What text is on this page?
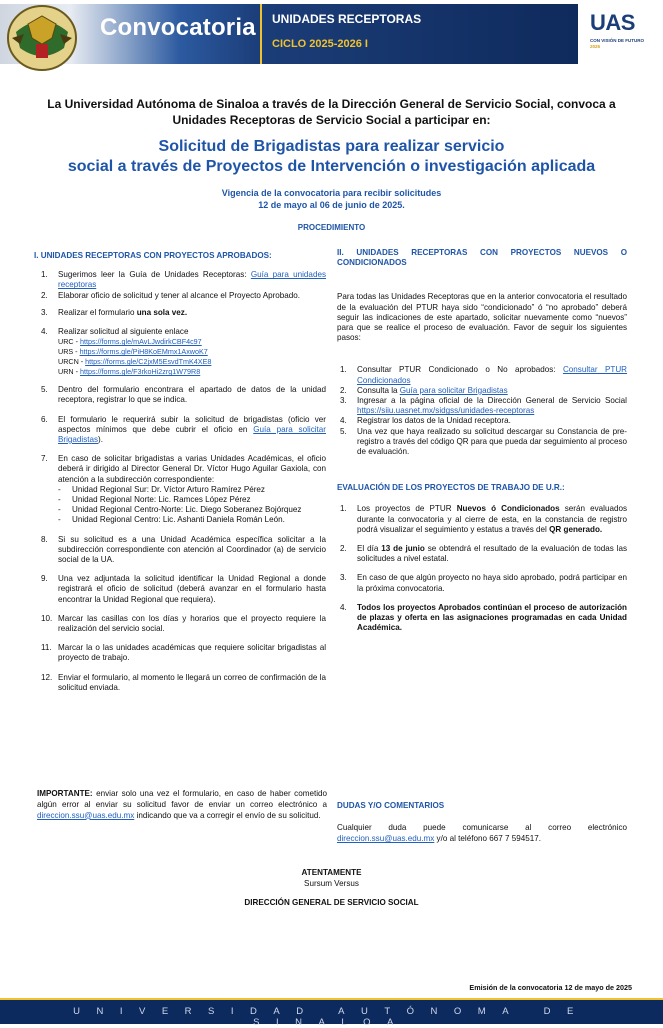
Convocatoria UNIDADES RECEPTORAS
CICLO 2025-2026 I
UAS
CON VISIÓN DE FUTURO
2025
La Universidad Autónoma de Sinaloa a través de la Dirección General de Servicio Social, convoca a Unidades Receptoras de Servicio Social a participar en:
Solicitud de Brigadistas para realizar servicio
social a través de Proyectos de Intervención o investigación aplicada
Vigencia de la convocatoria para recibir solicitudes
12 de mayo al 06 de junio de 2025.
PROCEDIMIENTO
I. UNIDADES RECEPTORAS CON PROYECTOS APROBADOS:
1. Sugerimos leer la Guía de Unidades Receptoras: Guía para unidades receptoras
2. Elaborar oficio de solicitud y tener al alcance el Proyecto Aprobado.
3. Realizar el formulario una sola vez.
4. Realizar solicitud al siguiente enlace
URC - https://forms.gle/mAvLJwdirkCBF4c97
URS - https://forms.gle/PiH8KoEMmx1AxwoK7
URCN - https://forms.gle/C2jxM5EsvdTmK4XE8
URN - https://forms.gle/F3rkoHi2zrg1W79R8
5. Dentro del formulario encontrara el apartado de datos de la unidad receptora, registrar lo que se indica.
6. El formulario le requerirá subir la solicitud de brigadistas (oficio ver aspectos mínimos que debe cubrir el oficio en Guía para solicitar Brigadistas).
7. En caso de solicitar brigadistas a varias Unidades Académicas, el oficio deberá ir dirigido al Director General Dr. Víctor Hugo Aguilar Gaxiola, con atención a la subdirección correspondiente:
- Unidad Regional Sur: Dr. Víctor Arturo Ramírez Pérez
- Unidad Regional Norte: Lic. Ramces López Pérez
- Unidad Regional Centro-Norte: Lic. Diego Soberanez Bojórquez
- Unidad Regional Centro: Lic. Ashanti Daniela Román León.
8. Si su solicitud es a una Unidad Académica específica solicitar a la subdirección correspondiente con atención al Coordinador (a) de servicio social de la UA.
9. Una vez adjuntada la solicitud identificar la Unidad Regional a donde registrará el oficio de solicitud (deberá avanzar en el formulario hasta encontrar la Unidad Regional que requiera).
10. Marcar las casillas con los días y horarios que el proyecto requiere la realización del servicio social.
11. Marcar la o las unidades académicas que requiere solicitar brigadistas al proyecto de trabajo.
12. Enviar el formulario, al momento le llegará un correo de confirmación de la solicitud enviada.
IMPORTANTE: enviar solo una vez el formulario, en caso de haber cometido algún error al enviar su solicitud favor de enviar un correo electrónico a direccion.ssu@uas.edu.mx indicando que va a corregir el envío de su solicitud.
II. UNIDADES RECEPTORAS CON PROYECTOS NUEVOS O CONDICIONADOS
Para todas las Unidades Receptoras que en la anterior convocatoria el resultado de la evaluación del PTUR haya sido “condicionado” ó “no aprobado” deberá seguir las indicaciones de este apartado, solicitar nuevamente como “nuevos” para que se realice el proceso de evaluación. Favor de seguir los siguientes pasos:
1. Consultar PTUR Condicionado o No aprobados: Consultar PTUR Condicionados
2. Consulta la Guía para solicitar Brigadistas
3. Ingresar a la página oficial de la Dirección General de Servicio Social https://siiu.uasnet.mx/sidgss/unidades-receptoras
4. Registrar los datos de la Unidad receptora.
5. Una vez que haya realizado su solicitud descargar su Constancia de pre-registro a través del código QR para que pueda dar seguimiento al proceso de evaluación.
EVALUACIÓN DE LOS PROYECTOS DE TRABAJO DE U.R.:
1. Los proyectos de PTUR Nuevos ó Condicionados serán evaluados durante la convocatoria y al cierre de esta, en la constancia de registro podrá visualizar el seguimiento y estatus a través del QR generado.
2. El día 13 de junio se obtendrá el resultado de la evaluación de todas las solicitudes a nivel estatal.
3. En caso de que algún proyecto no haya sido aprobado, podrá participar en la próxima convocatoria.
4. Todos los proyectos Aprobados continúan el proceso de autorización de plazas y oferta en las asignaciones programadas en cada Unidad Académica.
DUDAS Y/O COMENTARIOS
Cualquier duda puede comunicarse al correo electrónico direccion.ssu@uas.edu.mx y/o al teléfono 667 7 594517.
ATENTAMENTE
Sursum Versus
DIRECCIÓN GENERAL DE SERVICIO SOCIAL
Emisión de la convocatoria 12 de mayo de 2025
UNIVERSIDAD AUTÓNOMA DE SINALOA
